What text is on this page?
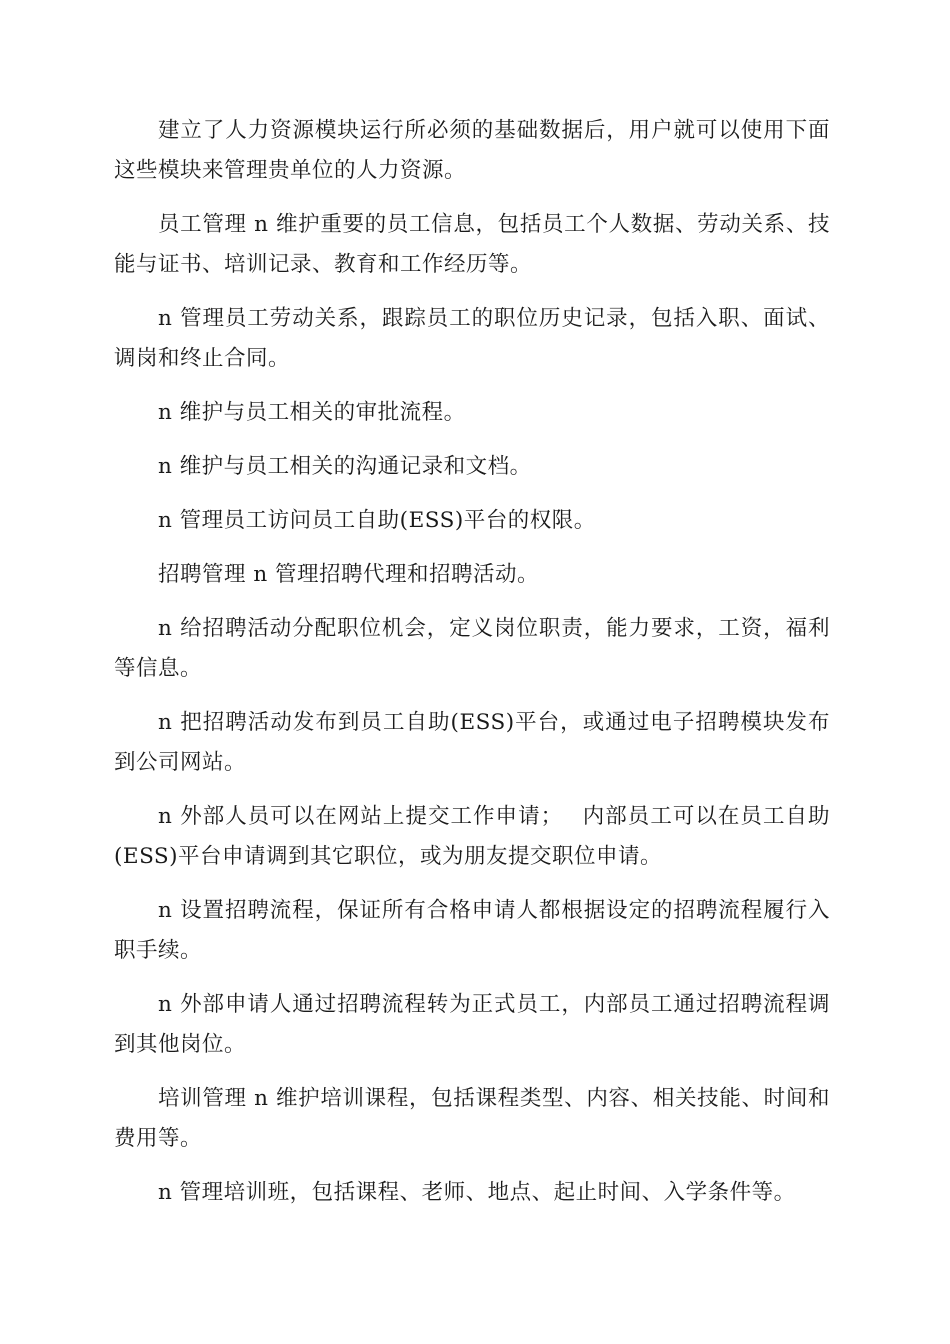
建立了人力资源模块运行所必须的基础数据后，用户就可以使用下面这些模块来管理贵单位的人力资源。

员工管理 n 维护重要的员工信息，包括员工个人数据、劳动关系、技能与证书、培训记录、教育和工作经历等。

n 管理员工劳动关系，跟踪员工的职位历史记录，包括入职、面试、调岗和终止合同。

n 维护与员工相关的审批流程。

n 维护与员工相关的沟通记录和文档。

n 管理员工访问员工自助(ESS)平台的权限。

招聘管理 n 管理招聘代理和招聘活动。

n 给招聘活动分配职位机会，定义岗位职责，能力要求，工资，福利等信息。

n 把招聘活动发布到员工自助(ESS)平台，或通过电子招聘模块发布到公司网站。

n 外部人员可以在网站上提交工作申请；　 内部员工可以在员工自助(ESS)平台申请调到其它职位，或为朋友提交职位申请。

n 设置招聘流程，保证所有合格申请人都根据设定的招聘流程履行入职手续。

n 外部申请人通过招聘流程转为正式员工，内部员工通过招聘流程调到其他岗位。

培训管理 n 维护培训课程，包括课程类型、内容、相关技能、时间和费用等。

n 管理培训班，包括课程、老师、地点、起止时间、入学条件等。
